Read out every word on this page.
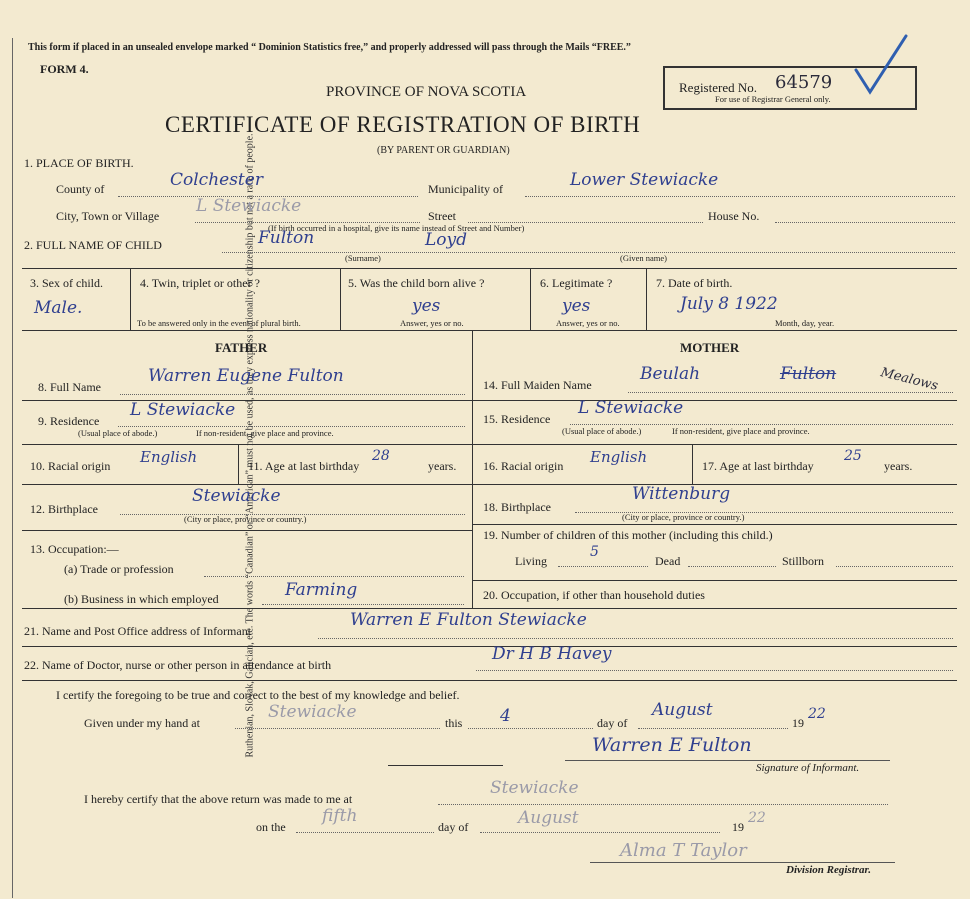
Ruthenian, Slovak, Galician, etc. The words “Canadian” or “American” must not be used, as they express nationality or citizenship but not a race of people.
This form if placed in an unsealed envelope marked “ Dominion Statistics free,” and properly addressed will pass through the Mails “FREE.”
FORM 4.
PROVINCE OF NOVA SCOTIA
CERTIFICATE OF REGISTRATION OF BIRTH
(BY PARENT OR GUARDIAN)
Registered No. 64579
For use of Registrar General only.
1. PLACE OF BIRTH.
County of	Colchester	Municipality of	Lower Stewiacke
City, Town or Village L Stewiacke	Street	House No.
(If birth occurred in a hospital, give its name instead of Street and Number)
2. FULL NAME OF CHILD	Fulton	Loyd
(Surname)	(Given name)
3. Sex of child.
Male.
4. Twin, triplet or other ?
To be answered only in the event of plural birth.
5. Was the child born alive ?
yes
Answer, yes or no.
6. Legitimate ?
yes
Answer, yes or no.
7. Date of birth.
July 8 1922
Month, day, year.
FATHER	MOTHER
8. Full Name
Warren Eugene Fulton
9. Residence
L Stewiacke
(Usual place of abode.)	If non-resident, give place and province.
10. Racial origin English	11. Age at last birthday
28
years.
12. Birthplace
Stewiacke
(City or place, province or country.)
13. Occupation:—
(a) Trade or profession
(b) Business in which employed	Farming
14. Full Maiden Name
Beulah	Fulton	Mealows
15. Residence
L Stewiacke
(Usual place of abode.)	If non-resident, give place and province.
16. Racial origin English	17. Age at last birthday
25
years.
18. Birthplace
Wittenburg
(City or place, province or country.)
19. Number of children of this mother (including this child.)
Living
5
Dead	Stillborn
20. Occupation, if other than household duties
21. Name and Post Office address of Informant
Warren E Fulton Stewiacke
22. Name of Doctor, nurse or other person in attendance at birth
Dr H B Havey
I certify the foregoing to be true and correct to the best of my knowledge and belief.
Given under my hand at
Stewiacke
this 4	day of
August
19
22
Warren E Fulton
Signature of Informant.
I hereby certify that the above return was made to me at
Stewiacke
on the
fifth
day of	August	19
22
Alma T Taylor
Division Registrar.
